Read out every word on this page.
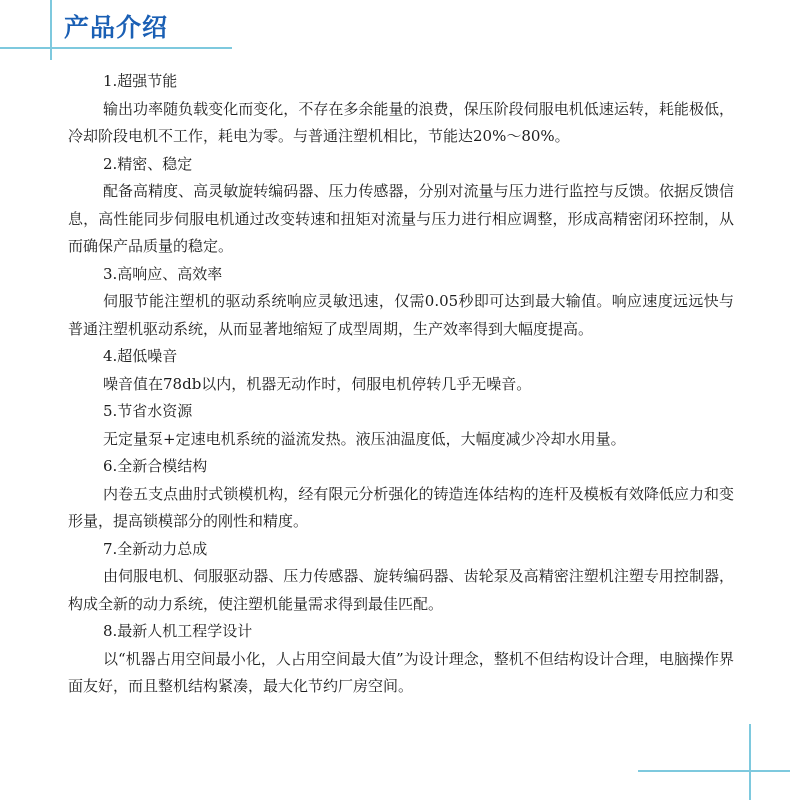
产品介绍
1.超强节能
输出功率随负载变化而变化，不存在多余能量的浪费，保压阶段伺服电机低速运转，耗能极低，冷却阶段电机不工作，耗电为零。与普通注塑机相比，节能达20%～80%。
2.精密、稳定
配备高精度、高灵敏旋转编码器、压力传感器，分别对流量与压力进行监控与反馈。依据反馈信息，高性能同步伺服电机通过改变转速和扭矩对流量与压力进行相应调整，形成高精密闭环控制，从而确保产品质量的稳定。
3.高响应、高效率
伺服节能注塑机的驱动系统响应灵敏迅速，仅需0.05秒即可达到最大输值。响应速度远远快与普通注塑机驱动系统，从而显著地缩短了成型周期，生产效率得到大幅度提高。
4.超低噪音
噪音值在78db以内，机器无动作时，伺服电机停转几乎无噪音。
5.节省水资源
无定量泵+定速电机系统的溢流发热。液压油温度低，大幅度减少冷却水用量。
6.全新合模结构
内卷五支点曲肘式锁模机构，经有限元分析强化的铸造连体结构的连杆及模板有效降低应力和变形量，提高锁模部分的刚性和精度。
7.全新动力总成
由伺服电机、伺服驱动器、压力传感器、旋转编码器、齿轮泵及高精密注塑机注塑专用控制器，构成全新的动力系统，使注塑机能量需求得到最佳匹配。
8.最新人机工程学设计
以“机器占用空间最小化，人占用空间最大值”为设计理念，整机不但结构设计合理，电脑操作界面友好，而且整机结构紧凑，最大化节约厂房空间。
